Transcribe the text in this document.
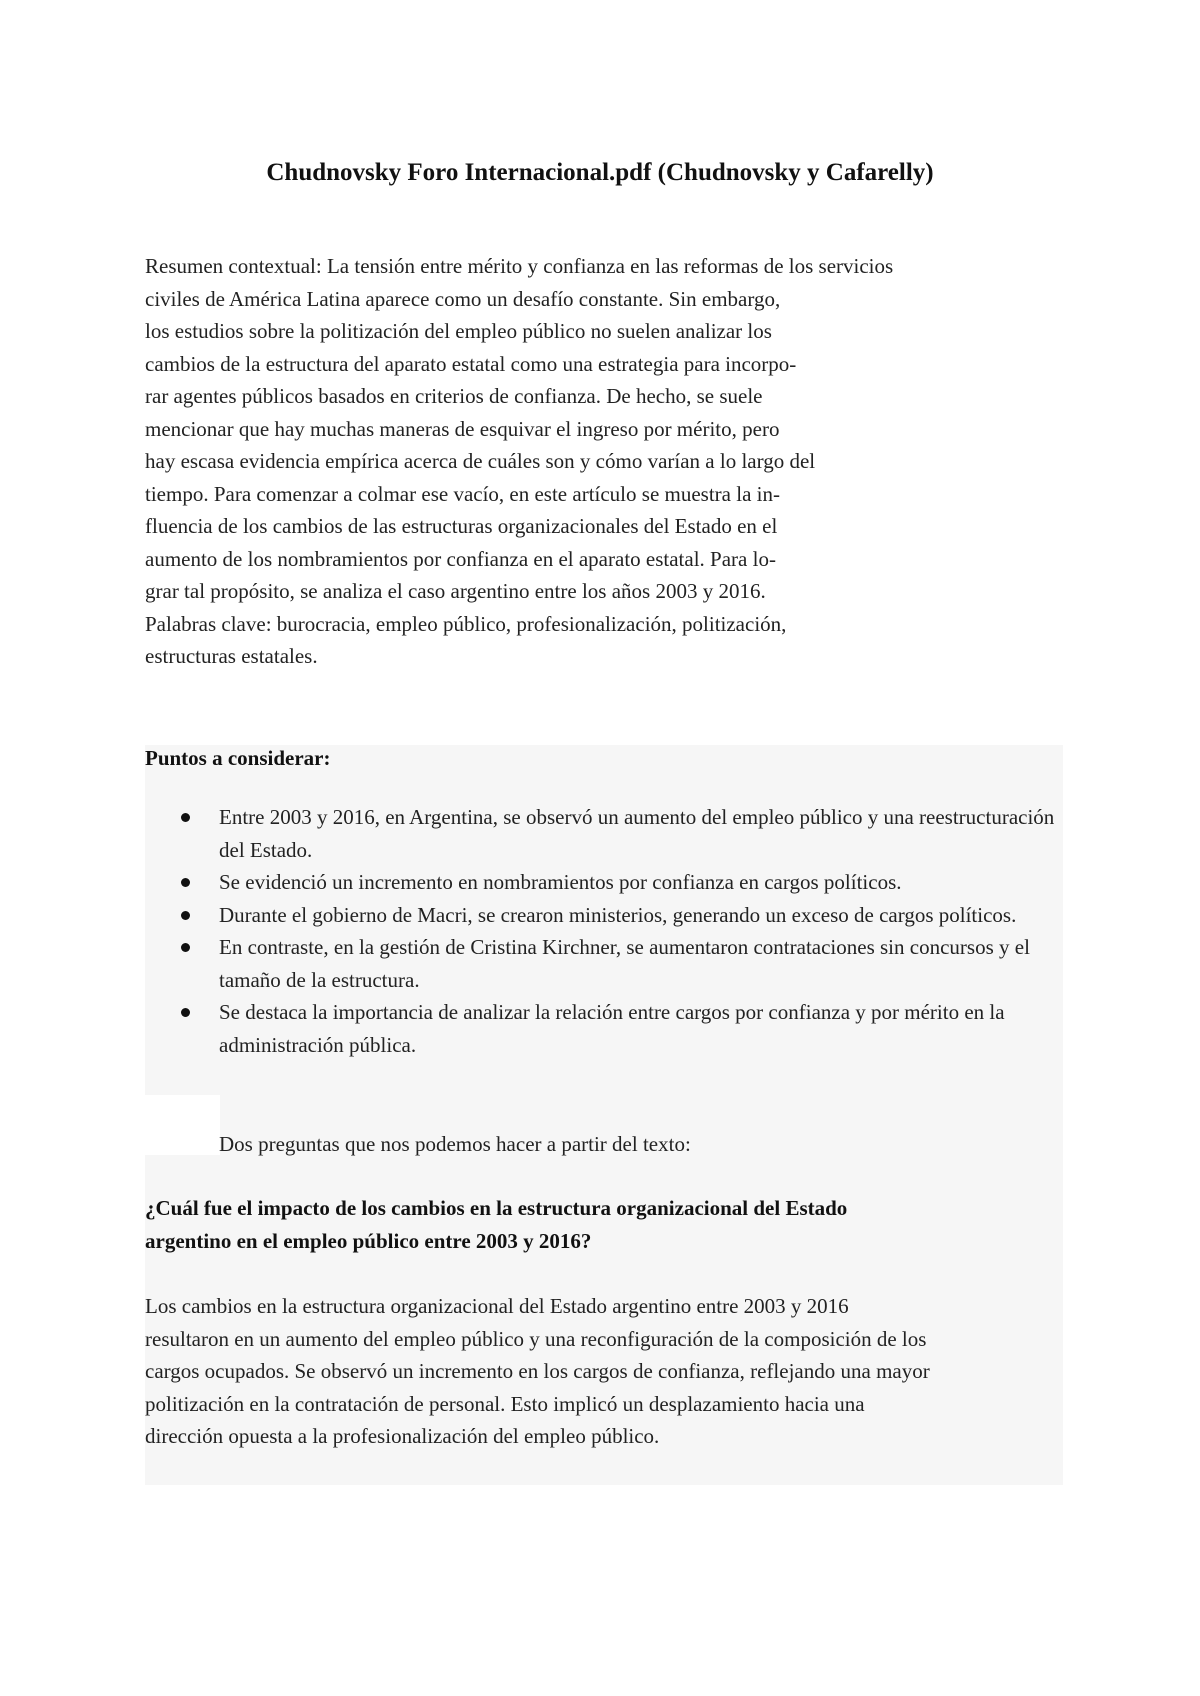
Chudnovsky Foro Internacional.pdf (Chudnovsky y Cafarelly)

Resumen contextual: La tensión entre mérito y confianza en las reformas de los servicios
civiles de América Latina aparece como un desafío constante. Sin embargo,
los estudios sobre la politización del empleo público no suelen analizar los
cambios de la estructura del aparato estatal como una estrategia para incorpo-
rar agentes públicos basados en criterios de confianza. De hecho, se suele
mencionar que hay muchas maneras de esquivar el ingreso por mérito, pero
hay escasa evidencia empírica acerca de cuáles son y cómo varían a lo largo del
tiempo. Para comenzar a colmar ese vacío, en este artículo se muestra la in-
fluencia de los cambios de las estructuras organizacionales del Estado en el
aumento de los nombramientos por confianza en el aparato estatal. Para lo-
grar tal propósito, se analiza el caso argentino entre los años 2003 y 2016.
Palabras clave: burocracia, empleo público, profesionalización, politización,
estructuras estatales.

Puntos a considerar:

Entre 2003 y 2016, en Argentina, se observó un aumento del empleo público y una reestructuración del Estado.
Se evidenció un incremento en nombramientos por confianza en cargos políticos.
Durante el gobierno de Macri, se crearon ministerios, generando un exceso de cargos políticos.
En contraste, en la gestión de Cristina Kirchner, se aumentaron contrataciones sin concursos y el tamaño de la estructura.
Se destaca la importancia de analizar la relación entre cargos por confianza y por mérito en la administración pública.

Dos preguntas que nos podemos hacer a partir del texto:

¿Cuál fue el impacto de los cambios en la estructura organizacional del Estado
argentino en el empleo público entre 2003 y 2016?

Los cambios en la estructura organizacional del Estado argentino entre 2003 y 2016
resultaron en un aumento del empleo público y una reconfiguración de la composición de los
cargos ocupados. Se observó un incremento en los cargos de confianza, reflejando una mayor
politización en la contratación de personal. Esto implicó un desplazamiento hacia una
dirección opuesta a la profesionalización del empleo público.
